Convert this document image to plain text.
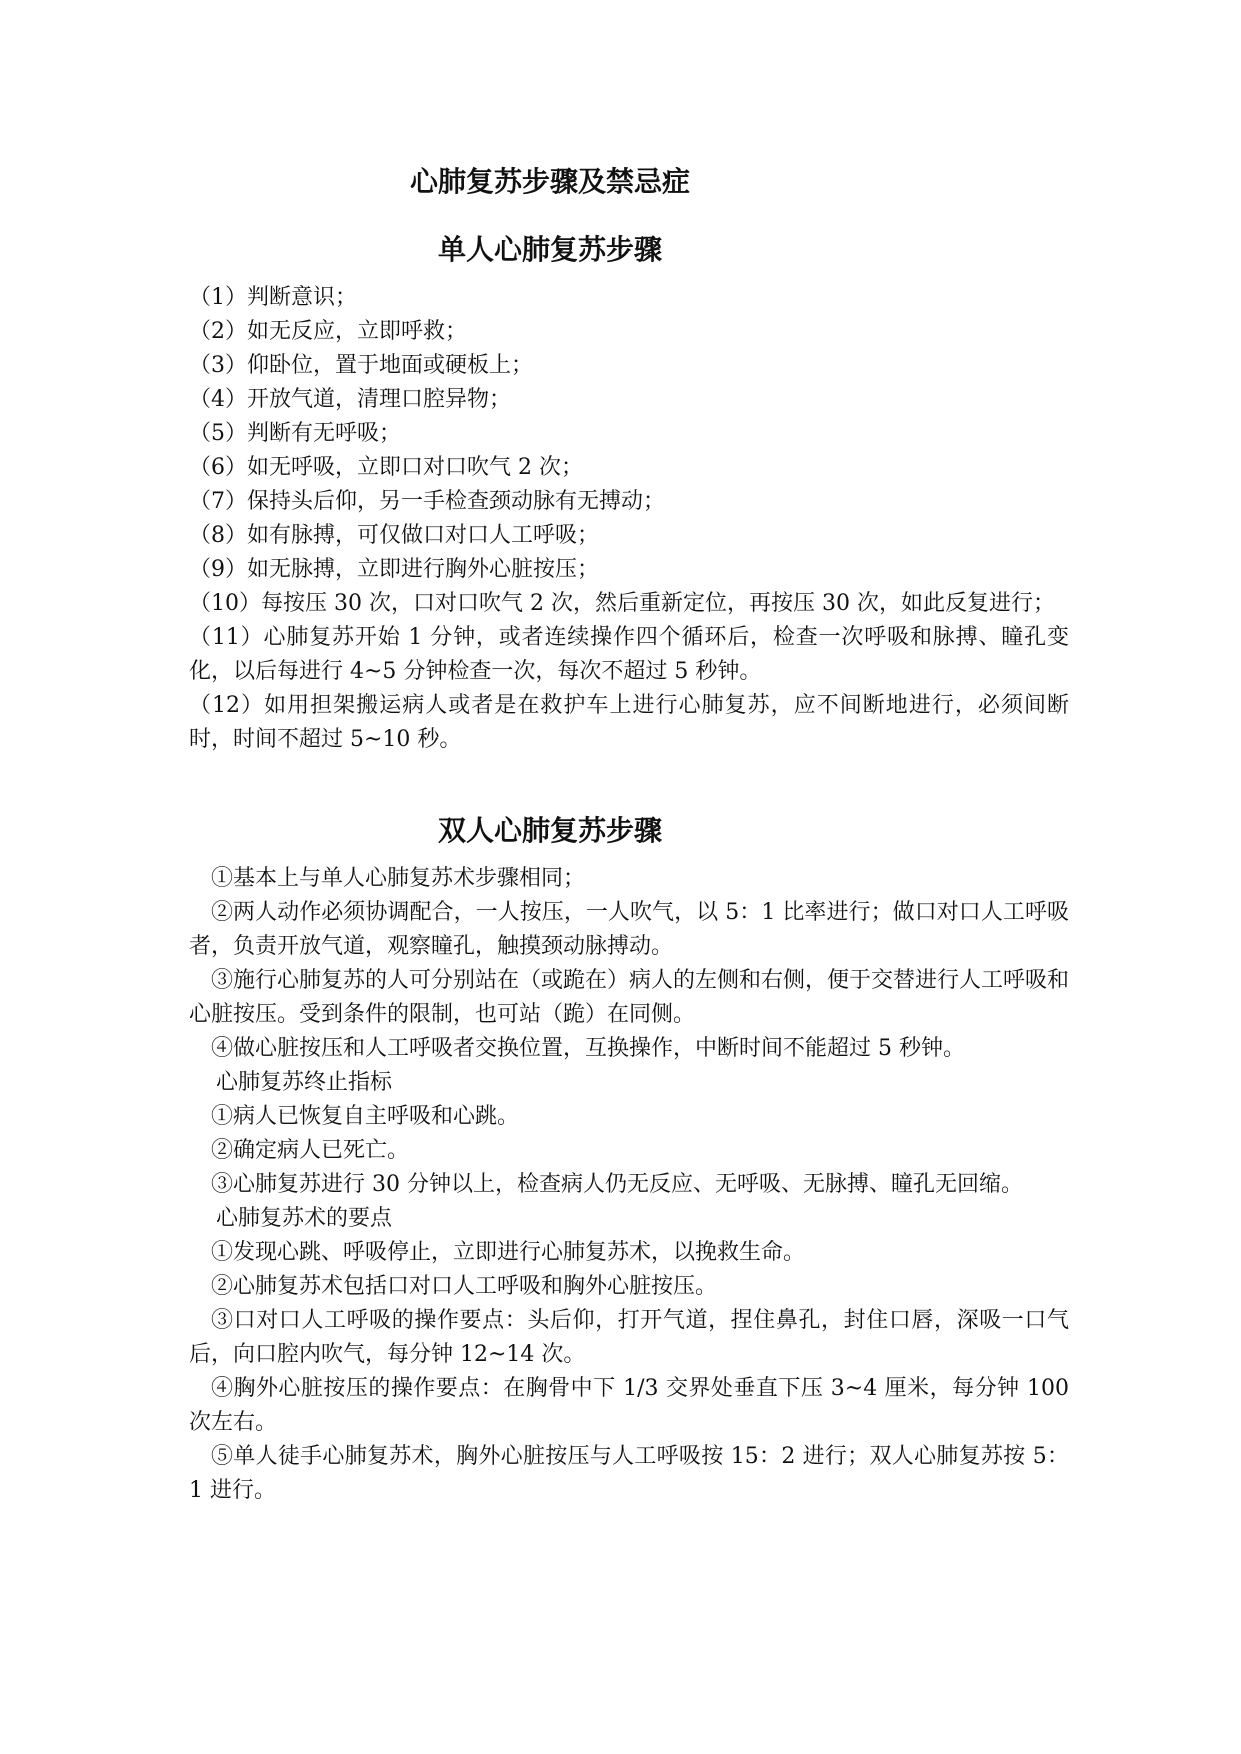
心肺复苏步骤及禁忌症
单人心肺复苏步骤

（1）判断意识；

（2）如无反应，立即呼救；

（3）仰卧位，置于地面或硬板上；

（4）开放气道，清理口腔异物；

（5）判断有无呼吸；

（6）如无呼吸，立即口对口吹气 2 次；

（7）保持头后仰，另一手检查颈动脉有无搏动；

（8）如有脉搏，可仅做口对口人工呼吸；

（9）如无脉搏，立即进行胸外心脏按压；

（10）每按压 30 次，口对口吹气 2 次，然后重新定位，再按压 30 次，如此反复进行；

（11）心肺复苏开始 1 分钟，或者连续操作四个循环后，检查一次呼吸和脉搏、瞳孔变化，以后每进行 4~5 分钟检查一次，每次不超过 5 秒钟。

（12）如用担架搬运病人或者是在救护车上进行心肺复苏，应不间断地进行，必须间断时，时间不超过 5~10 秒。

双人心肺复苏步骤

①基本上与单人心肺复苏术步骤相同；

②两人动作必须协调配合，一人按压，一人吹气，以 5：1 比率进行；做口对口人工呼吸者，负责开放气道，观察瞳孔，触摸颈动脉搏动。

③施行心肺复苏的人可分别站在（或跪在）病人的左侧和右侧，便于交替进行人工呼吸和心脏按压。受到条件的限制，也可站（跪）在同侧。

④做心脏按压和人工呼吸者交换位置，互换操作，中断时间不能超过 5 秒钟。

心肺复苏终止指标

①病人已恢复自主呼吸和心跳。

②确定病人已死亡。

③心肺复苏进行 30 分钟以上，检查病人仍无反应、无呼吸、无脉搏、瞳孔无回缩。

心肺复苏术的要点

①发现心跳、呼吸停止，立即进行心肺复苏术，以挽救生命。

②心肺复苏术包括口对口人工呼吸和胸外心脏按压。

③口对口人工呼吸的操作要点：头后仰，打开气道，捏住鼻孔，封住口唇，深吸一口气后，向口腔内吹气，每分钟 12~14 次。

④胸外心脏按压的操作要点：在胸骨中下 1/3 交界处垂直下压 3~4 厘米，每分钟 100 次左右。

⑤单人徒手心肺复苏术，胸外心脏按压与人工呼吸按 15：2 进行；双人心肺复苏按 5：1 进行。
